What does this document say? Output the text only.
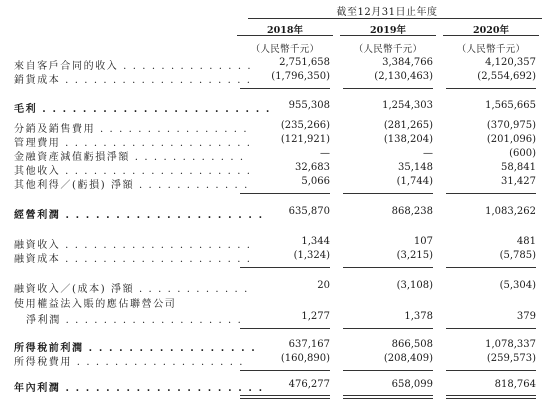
截至12月31日止年度
2018年	2019年	2020年
（人民幣千元）	（人民幣千元）	（人民幣千元）
來自客戶合同的收入 . . . . . . . . . . . . . .	2,751,658	3,384,766	4,120,357
銷貨成本 . . . . . . . . . . . . . . . . . . . .	(1,796,350)	(2,130,463)	(2,554,692)
毛利 . . . . . . . . . . . . . . . . . . . . . . .	955,308	1,254,303	1,565,665
分銷及銷售費用 . . . . . . . . . . . . . . . .	(235,266)	(281,265)	(370,975)
管理費用 . . . . . . . . . . . . . . . . . . . .	(121,921)	(138,204)	(201,096)
金融資產減值虧損淨額 . . . . . . . . . . . .	—	—	(600)
其他收入 . . . . . . . . . . . . . . . . . . . .	32,683	35,148	58,841
其他利得／(虧損) 淨額 . . . . . . . . . . . .	5,066	(1,744)	31,427
經營利潤 . . . . . . . . . . . . . . . . . . . .	635,870	868,238	1,083,262
融資收入 . . . . . . . . . . . . . . . . . . . .	1,344	107	481
融資成本 . . . . . . . . . . . . . . . . . . . .	(1,324)	(3,215)	(5,785)
融資收入／(成本) 淨額 . . . . . . . . . . . .	20	(3,108)	(5,304)
使用權益法入賬的應佔聯營公司
淨利潤 . . . . . . . . . . . . . . . . . . .	1,277	1,378	379
所得稅前利潤 . . . . . . . . . . . . . . . . .	637,167	866,508	1,078,337
所得稅費用 . . . . . . . . . . . . . . . . . .	(160,890)	(208,409)	(259,573)
年內利潤 . . . . . . . . . . . . . . . . . . . .	476,277	658,099	818,764
